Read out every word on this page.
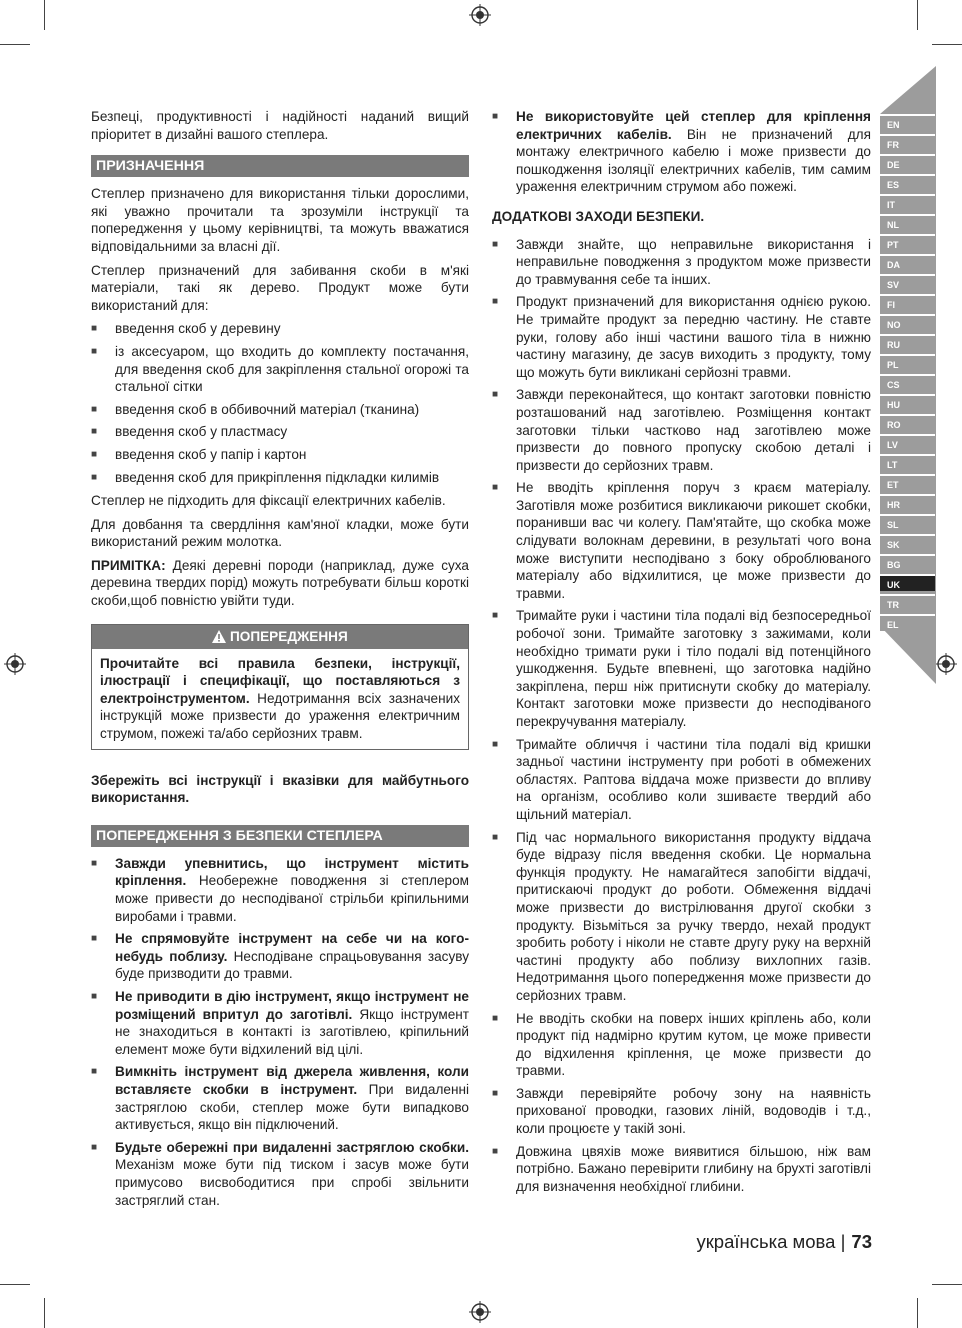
EN
FR
DE
ES
IT
NL
PT
DA
SV
FI
NO
RU
PL
CS
HU
RO
LV
LT
ET
HR
SL
SK
BG
UK
TR
EL

Безпеці, продуктивності і надійності наданий вищий пріоритет в дизайні вашого степлера.

ПРИЗНАЧЕННЯ

Степлер призначено для використання тільки дорослими, які уважно прочитали та зрозуміли інструкції та попередження у цьому керівництві, та можуть вважатися відповідальними за власні дії.

Степлер призначений для забивання скоби в м'які матеріали, такі як дерево. Продукт може бути використаний для:

■ введення скоб у деревину
■ із аксесуаром, що входить до комплекту постачання, для введення скоб для закріплення стальної огорожі та стальної сітки
■ введення скоб в оббивочний матеріал (тканина)
■ введення скоб у пластмасу
■ введення скоб у папір і картон
■ введення скоб для прикріплення підкладки килимів

Степлер не підходить для фіксації електричних кабелів.

Для довбання та свердління кам'яної кладки, може бути використаний режим молотка.

ПРИМІТКА: Деякі деревні породи (наприклад, дуже суха деревина твердих порід) можуть потребувати більш короткі скоби,щоб повністю увійти туди.

ПОПЕРЕДЖЕННЯ
Прочитайте всі правила безпеки, інструкції, ілюстрації і специфікації, що поставляються з електроінструментом. Недотримання всіх зазначених інструкцій може призвести до ураження електричним струмом, пожежі та/або серйозних травм.

Збережіть всі інструкції і вказівки для майбутнього використання.

ПОПЕРЕДЖЕННЯ З БЕЗПЕКИ СТЕПЛЕРА
■ Завжди упевнитись, що інструмент містить кріплення. Необережне поводження зі степлером може привести до несподіваної стрільби кріпильними виробами і травми.
■ Не спрямовуйте інструмент на себе чи на кого-небудь поблизу. Несподіване спрацьовування засуву буде призводити до травми.
■ Не приводити в дію інструмент, якщо інструмент не розміщений впритул до заготівлі. Якщо інструмент не знаходиться в контакті із заготівлею, кріпильний елемент може бути відхилений від цілі.
■ Вимкніть інструмент від джерела живлення, коли вставляєте скобки в інструмент. При видаленні застряглою скоби, степлер може бути випадково активується, якщо він підключений.
■ Будьте обережні при видаленні застряглою скобки. Механізм може бути під тиском і засув може бути примусово висвободитися при спробі звільнити застряглий стан.
■ Не використовуйте цей степлер для кріплення електричних кабелів. Він не призначений для монтажу електричного кабелю і може призвести до пошкодження ізоляції електричних кабелів, тим самим ураження електричним струмом або пожежі.
ДОДАТКОВІ ЗАХОДИ БЕЗПЕКИ.
■ Завжди знайте, що неправильне використання і неправильне поводження з продуктом може призвести до травмування себе та інших.
■ Продукт призначений для використання однією рукою. Не тримайте продукт за передню частину. Не ставте руки, голову або інші частини вашого тіла в нижню частину магазину, де засув виходить з продукту, тому що можуть бути викликані серйозні травми.
■ Завжди переконайтеся, що контакт заготовки повністю розташований над заготівлею. Розміщення контакт заготовки тільки частково над заготівлею може призвести до повного пропуску скобою деталі і призвести до серйозних травм.
■ Не вводіть кріплення поруч з краєм матеріалу. Заготівля може розбитися викликаючи рикошет скобки, поранивши вас чи колегу. Пам'ятайте, що скобка може слідувати волокнам деревини, в результаті чого вона може виступити несподівано з боку оброблюваного матеріалу або відхилитися, це може призвести до травми.
■ Тримайте руки і частини тіла подалі від безпосередньої робочої зони. Тримайте заготовку з зажимами, коли необхідно тримати руки і тіло подалі від потенційного ушкодження. Будьте впевнені, що заготовка надійно закріплена, перш ніж притиснути скобку до матеріалу. Контакт заготовки може призвести до несподіваного перекручування матеріалу.
■ Тримайте обличчя і частини тіла подалі від кришки задньої частини інструменту при роботі в обмежених областях. Раптова віддача може призвести до впливу на організм, особливо коли зшиваєте твердий або щільний матеріал.
■ Під час нормального використання продукту віддача буде відразу після введення скобки. Це нормальна функція продукту. Не намагайтеся запобігти віддачі, притискаючі продукт до роботи. Обмеження віддачі може призвести до вистрілювання другої скобки з продукту. Візьміться за ручку твердо, нехай продукт зробить роботу і ніколи не ставте другу руку на верхній частині продукту або поблизу вихлопних газів. Недотримання цього попередження може призвести до серйозних травм.
■ Не вводіть скобки на поверх інших кріплень або, коли продукт під надмірно крутим кутом, це може привести до відхилення кріплення, це може призвести до травми.
■ Завжди перевіряйте робочу зону на наявність прихованої проводки, газових ліній, водоводів і т.д., коли процюєте у такій зоні.
■ Довжина цвяхів може виявитися більшою, ніж вам потрібно. Бажано перевірити глибину на брухті заготівлі для визначення необхідної глибини.
українська мова | 73
